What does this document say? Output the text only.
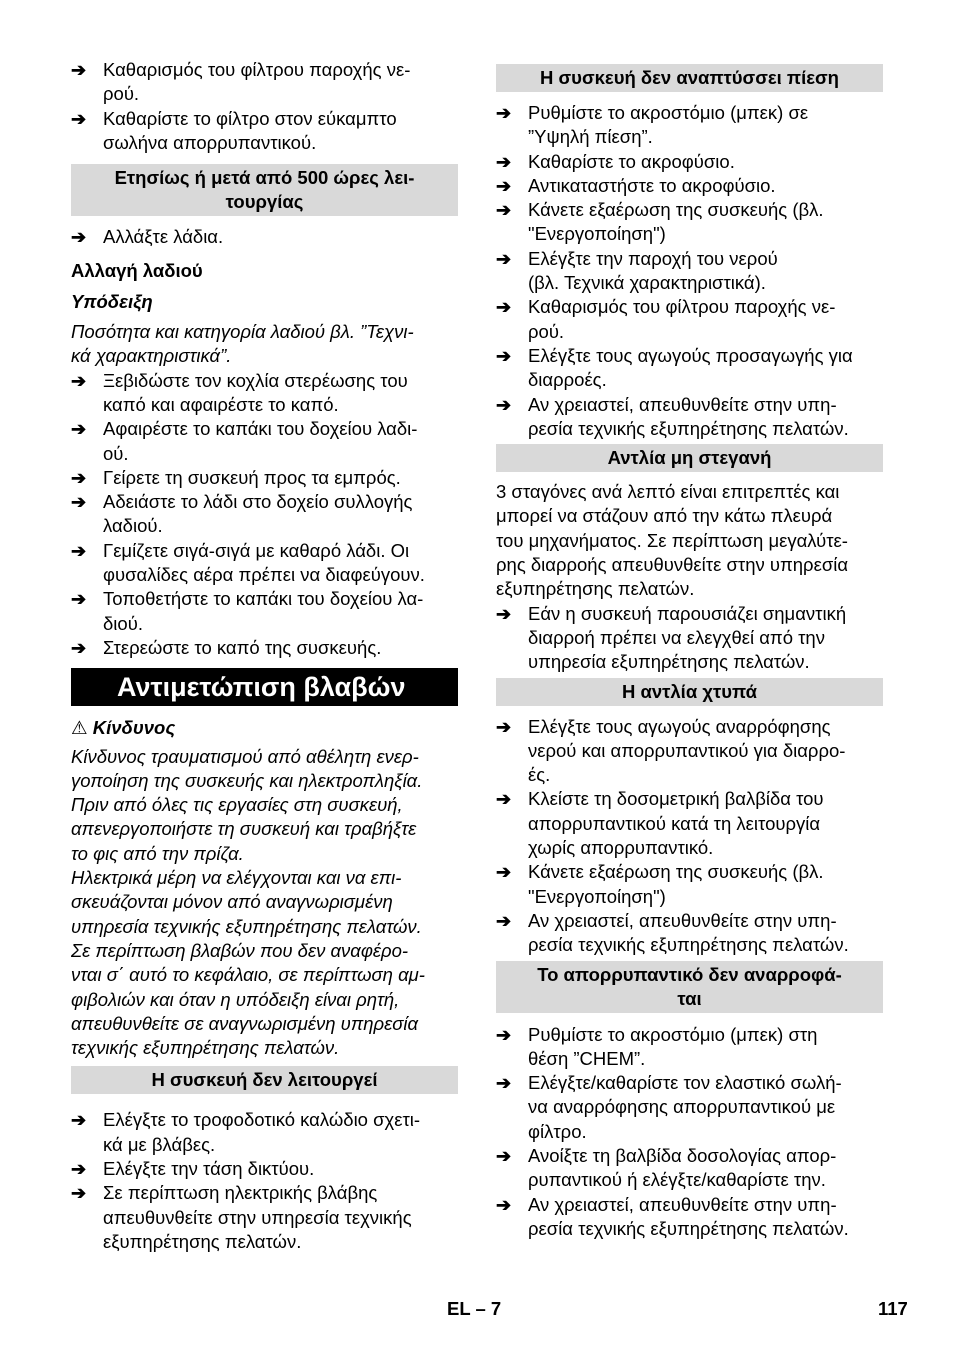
➔ Καθαρισμός του φίλτρου παροχής νε-
ρού.
➔ Καθαρίστε το φίλτρο στον εύκαμπτο
σωλήνα απορρυπαντικού.
Ετησίως ή μετά από 500 ώρες λει-
τουργίας
➔ Αλλάξτε λάδια.
Αλλαγή λαδιού
Υπόδειξη
Ποσότητα και κατηγορία λαδιού βλ. ”Τεχνι-
κά χαρακτηριστικά”.
➔ Ξεβιδώστε τον κοχλία στερέωσης του
καπό και αφαιρέστε το καπό.
➔ Αφαιρέστε το καπάκι του δοχείου λαδι-
ού.
➔ Γείρετε τη συσκευή προς τα εμπρός.
➔ Αδειάστε το λάδι στο δοχείο συλλογής
λαδιού.
➔ Γεμίζετε σιγά-σιγά με καθαρό λάδι. Οι
φυσαλίδες αέρα πρέπει να διαφεύγουν.
➔ Τοποθετήστε το καπάκι του δοχείου λα-
διού.
➔ Στερεώστε το καπό της συσκευής.
Αντιμετώπιση βλαβών
⚠ Κίνδυνος
Κίνδυνος τραυματισμού από αθέλητη ενερ-
γοποίηση της συσκευής και ηλεκτροπληξία.
Πριν από όλες τις εργασίες στη συσκευή,
απενεργοποιήστε τη συσκευή και τραβήξτε
το φις από την πρίζα.
Ηλεκτρικά μέρη να ελέγχονται και να επι-
σκευάζονται μόνον από αναγνωρισμένη
υπηρεσία τεχνικής εξυπηρέτησης πελατών.
Σε περίπτωση βλαβών που δεν αναφέρο-
νται σ΄ αυτό το κεφάλαιο, σε περίπτωση αμ-
φιβολιών και όταν η υπόδειξη είναι ρητή,
απευθυνθείτε σε αναγνωρισμένη υπηρεσία
τεχνικής εξυπηρέτησης πελατών.
Η συσκευή δεν λειτουργεί
➔ Ελέγξτε το τροφοδοτικό καλώδιο σχετι-
κά με βλάβες.
➔ Ελέγξτε την τάση δικτύου.
➔ Σε περίπτωση ηλεκτρικής βλάβης
απευθυνθείτε στην υπηρεσία τεχνικής
εξυπηρέτησης πελατών.
Η συσκευή δεν αναπτύσσει πίεση
➔ Ρυθμίστε το ακροστόμιο (μπεκ) σε
”Υψηλή πίεση”.
➔ Καθαρίστε το ακροφύσιο.
➔ Αντικαταστήστε το ακροφύσιο.
➔ Κάνετε εξαέρωση της συσκευής (βλ.
"Ενεργοποίηση")
➔ Ελέγξτε την παροχή του νερού
(βλ. Τεχνικά χαρακτηριστικά).
➔ Καθαρισμός του φίλτρου παροχής νε-
ρού.
➔ Ελέγξτε τους αγωγούς προσαγωγής για
διαρροές.
➔ Αν χρειαστεί, απευθυνθείτε στην υπη-
ρεσία τεχνικής εξυπηρέτησης πελατών.
Αντλία μη στεγανή
3 σταγόνες ανά λεπτό είναι επιτρεπτές και
μπορεί να στάζουν από την κάτω πλευρά
του μηχανήματος. Σε περίπτωση μεγαλύτε-
ρης διαρροής απευθυνθείτε στην υπηρεσία
εξυπηρέτησης πελατών.
➔ Εάν η συσκευή παρουσιάζει σημαντική
διαρροή πρέπει να ελεγχθεί από την
υπηρεσία εξυπηρέτησης πελατών.
Η αντλία χτυπά
➔ Ελέγξτε τους αγωγούς αναρρόφησης
νερού και απορρυπαντικού για διαρρο-
ές.
➔ Κλείστε τη δοσομετρική βαλβίδα του
απορρυπαντικού κατά τη λειτουργία
χωρίς απορρυπαντικό.
➔ Κάνετε εξαέρωση της συσκευής (βλ.
"Ενεργοποίηση")
➔ Αν χρειαστεί, απευθυνθείτε στην υπη-
ρεσία τεχνικής εξυπηρέτησης πελατών.
Το απορρυπαντικό δεν αναρροφά-
ται
➔ Ρυθμίστε το ακροστόμιο (μπεκ) στη
θέση ”CHEM”.
➔ Ελέγξτε/καθαρίστε τον ελαστικό σωλή-
να αναρρόφησης απορρυπαντικού με
φίλτρο.
➔ Ανοίξτε τη βαλβίδα δοσολογίας απορ-
ρυπαντικού ή ελέγξτε/καθαρίστε την.
➔ Αν χρειαστεί, απευθυνθείτε στην υπη-
ρεσία τεχνικής εξυπηρέτησης πελατών.
EL – 7	117
